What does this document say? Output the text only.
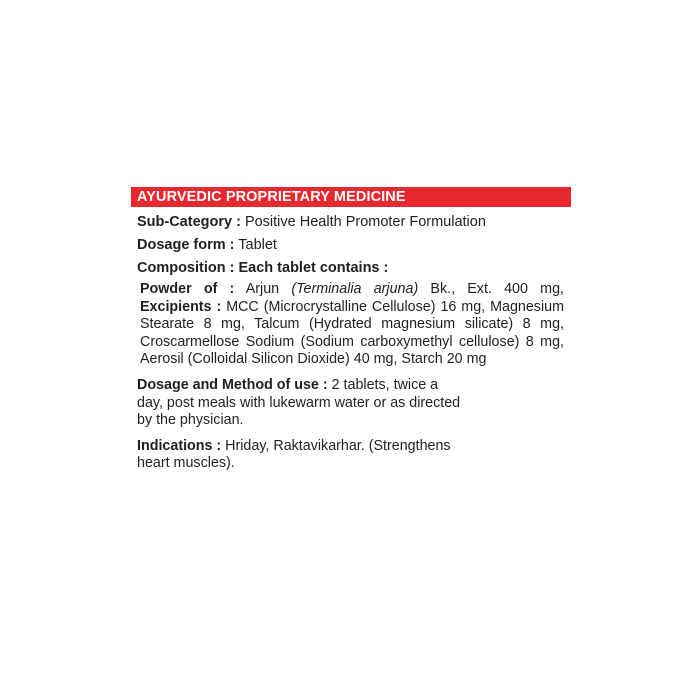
AYURVEDIC PROPRIETARY MEDICINE
Sub-Category : Positive Health Promoter Formulation
Dosage form : Tablet
Composition : Each tablet contains :
Powder of : Arjun (Terminalia arjuna) Bk., Ext. 400 mg, Excipients : MCC (Microcrystalline Cellulose) 16 mg, Magnesium Stearate 8 mg, Talcum (Hydrated magnesium silicate) 8 mg, Croscarmellose Sodium (Sodium carboxymethyl cellulose) 8 mg, Aerosil (Colloidal Silicon Dioxide) 40 mg, Starch 20 mg
Dosage and Method of use : 2 tablets, twice a day, post meals with lukewarm water or as directed by the physician.
Indications : Hriday, Raktavikarhar. (Strengthens heart muscles).
